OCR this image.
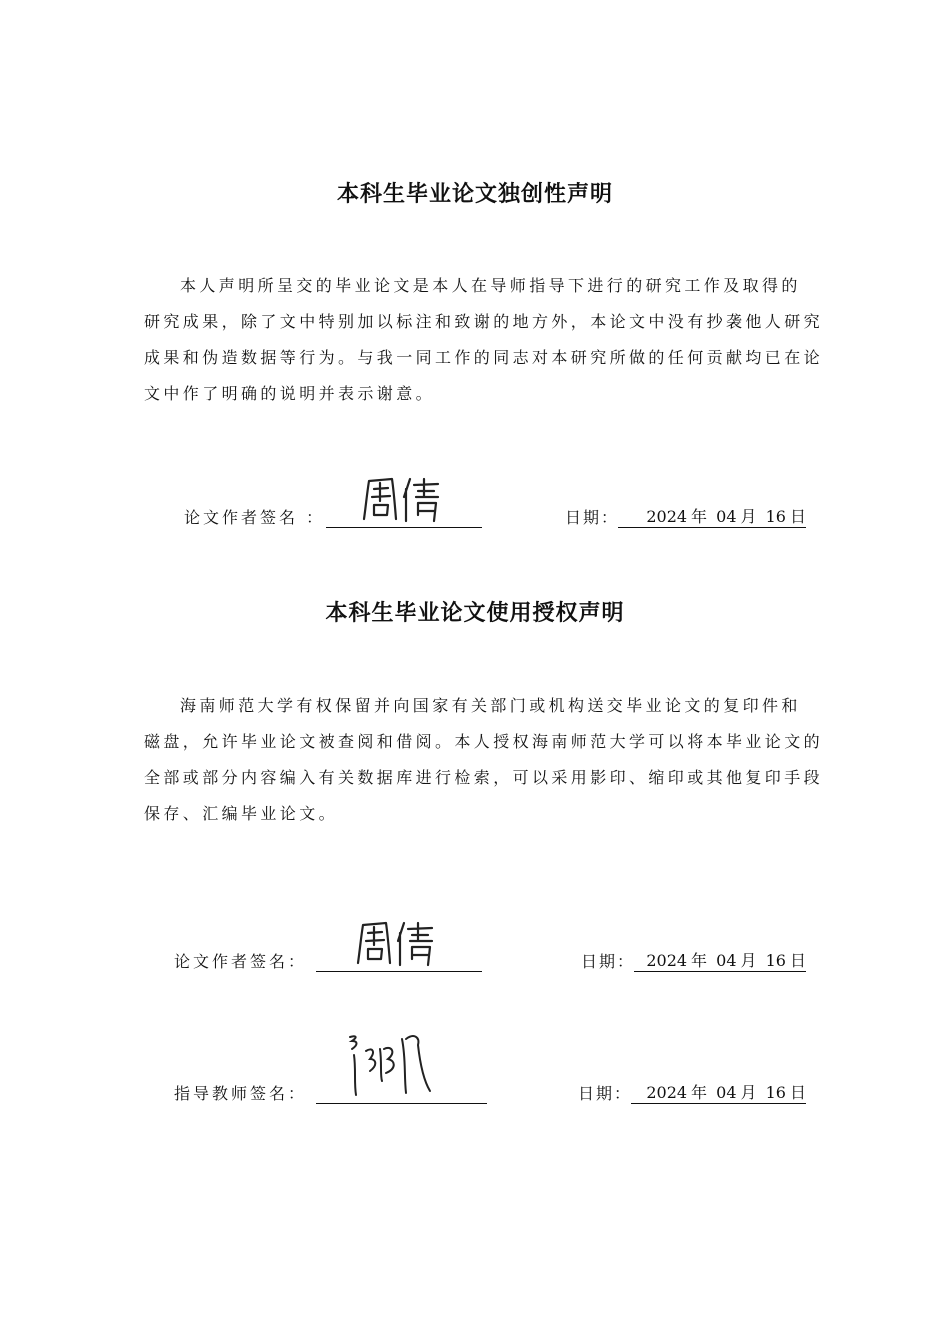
本科生毕业论文独创性声明

本人声明所呈交的毕业论文是本人在导师指导下进行的研究工作及取得的
研究成果，除了文中特别加以标注和致谢的地方外，本论文中没有抄袭他人研究
成果和伪造数据等行为。与我一同工作的同志对本研究所做的任何贡献均已在论
文中作了明确的说明并表示谢意。

论文作者签名 ：	日期：	2024 年 04 月 16 日
本科生毕业论文使用授权声明

海南师范大学有权保留并向国家有关部门或机构送交毕业论文的复印件和
磁盘，允许毕业论文被查阅和借阅。本人授权海南师范大学可以将本毕业论文的
全部或部分内容编入有关数据库进行检索，可以采用影印、缩印或其他复印手段
保存、汇编毕业论文。

论文作者签名：	日期： 2024 年 04 月 16 日
指导教师签名：	日期： 2024 年 04 月 16 日
